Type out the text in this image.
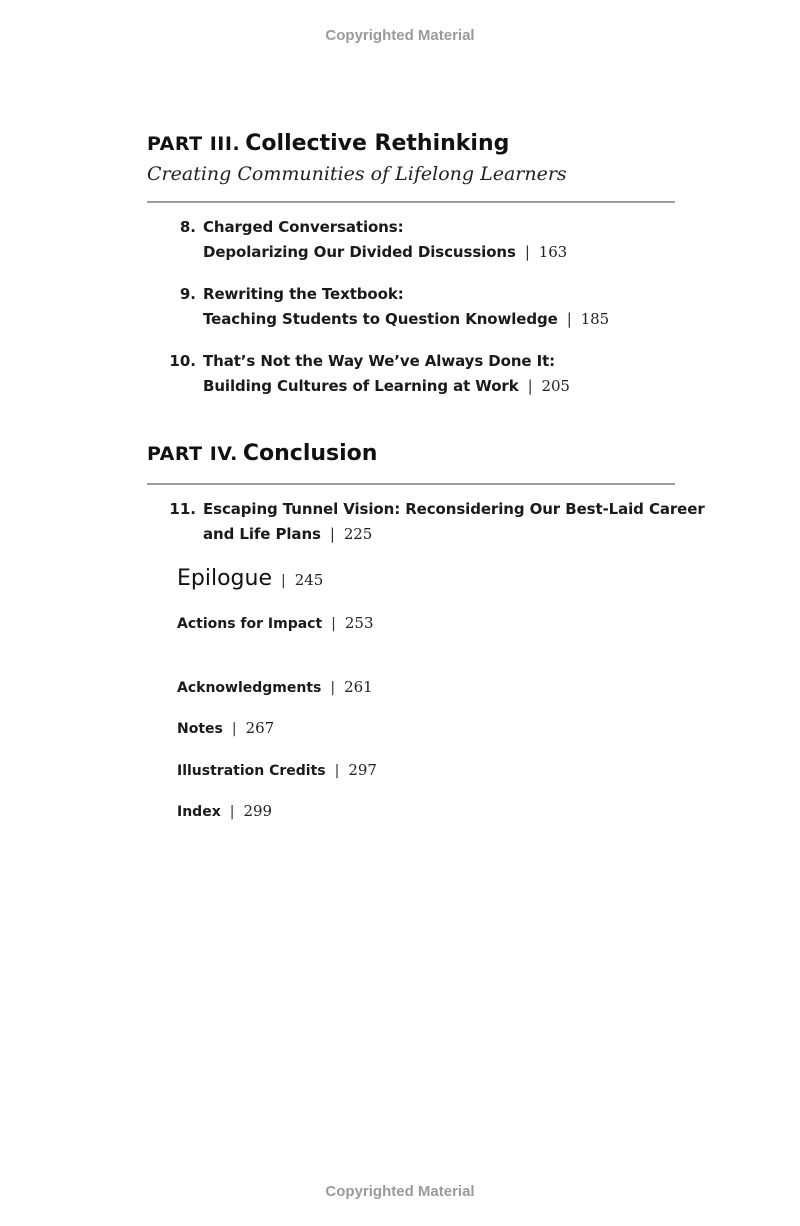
Copyrighted Material
PART III. Collective Rethinking
Creating Communities of Lifelong Learners
8. Charged Conversations:
Depolarizing Our Divided Discussions | 163
9. Rewriting the Textbook:
Teaching Students to Question Knowledge | 185
10. That’s Not the Way We’ve Always Done It:
Building Cultures of Learning at Work | 205
PART IV. Conclusion
11. Escaping Tunnel Vision: Reconsidering Our Best-Laid Career
and Life Plans | 225
Epilogue | 245
Actions for Impact | 253
Acknowledgments | 261
Notes | 267
Illustration Credits | 297
Index | 299
Copyrighted Material
